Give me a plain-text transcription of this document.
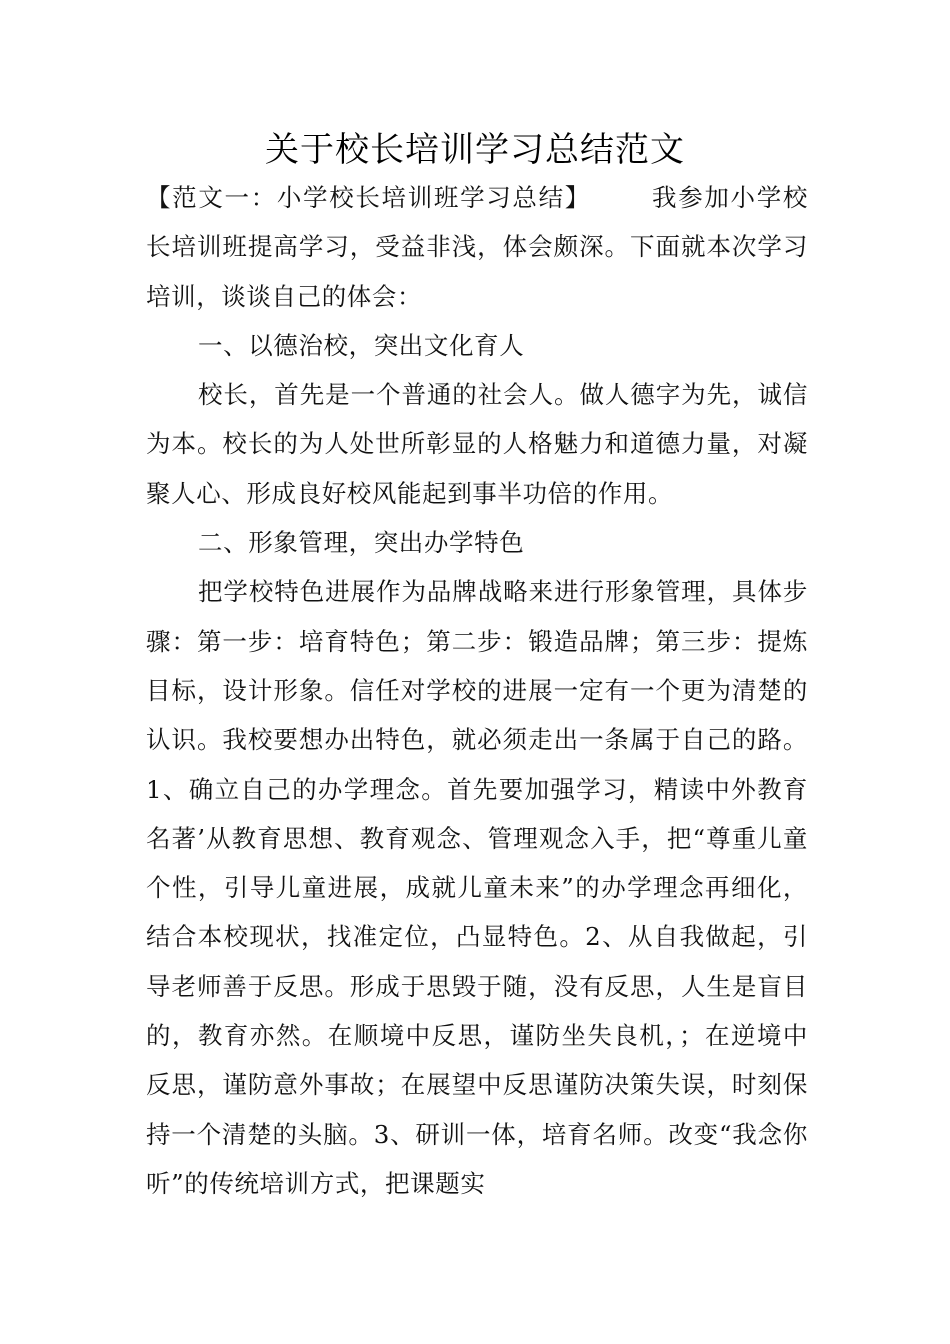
关于校长培训学习总结范文

【范文一：小学校长培训班学习总结】 我参加小学校长培训班提高学习，受益非浅，体会颇深。下面就本次学习培训，谈谈自己的体会：

一、以德治校，突出文化育人

校长，首先是一个普通的社会人。做人德字为先，诚信为本。校长的为人处世所彰显的人格魅力和道德力量，对凝聚人心、形成良好校风能起到事半功倍的作用。

二、形象管理，突出办学特色

把学校特色进展作为品牌战略来进行形象管理，具体步骤：第一步：培育特色；第二步：锻造品牌；第三步：提炼目标，设计形象。信任对学校的进展一定有一个更为清楚的认识。我校要想办出特色，就必须走出一条属于自己的路。1、确立自己的办学理念。首先要加强学习，精读中外教育名著’从教育思想、教育观念、管理观念入手，把“尊重儿童个性，引导儿童进展，成就儿童未来”的办学理念再细化，结合本校现状，找准定位，凸显特色。2、从自我做起，引导老师善于反思。形成于思毁于随，没有反思，人生是盲目的，教育亦然。在顺境中反思，谨防坐失良机，；在逆境中反思，谨防意外事故；在展望中反思谨防决策失误，时刻保持一个清楚的头脑。3、研训一体，培育名师。改变“我念你听”的传统培训方式，把课题实
